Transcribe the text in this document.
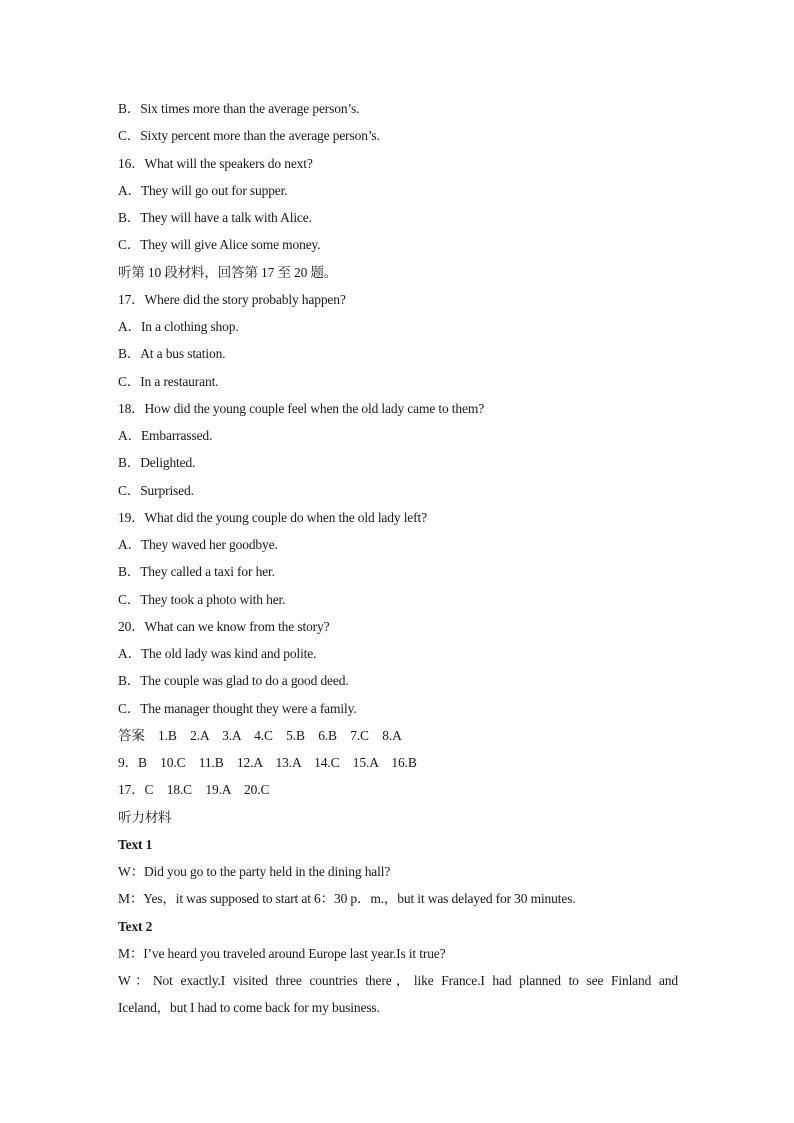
B．Six times more than the average person’s.
C．Sixty percent more than the average person’s.
16．What will the speakers do next?
A．They will go out for supper.
B．They will have a talk with Alice.
C．They will give Alice some money.
听第 10 段材料，回答第 17 至 20 题。
17．Where did the story probably happen?
A．In a clothing shop.
B．At a bus station.
C．In a restaurant.
18．How did the young couple feel when the old lady came to them?
A．Embarrassed.
B．Delighted.
C．Surprised.
19．What did the young couple do when the old lady left?
A．They waved her goodbye.
B．They called a taxi for her.
C．They took a photo with her.
20．What can we know from the story?
A．The old lady was kind and polite.
B．The couple was glad to do a good deed.
C．The manager thought they were a family.
答案　1.B　2.A　3.A　4.C　5.B　6.B　7.C　8.A
9．B　10.C　11.B　12.A　13.A　14.C　15.A　16.B
17．C　18.C　19.A　20.C
听力材料
Text 1
W：Did you go to the party held in the dining hall?
M：Yes，it was supposed to start at 6：30 p．m.，but it was delayed for 30 minutes.
Text 2
M：I’ve heard you traveled around Europe last year.Is it true?
W：Not exactly.I visited three countries there，like France.I had planned to see Finland and
Iceland，but I had to come back for my business.
